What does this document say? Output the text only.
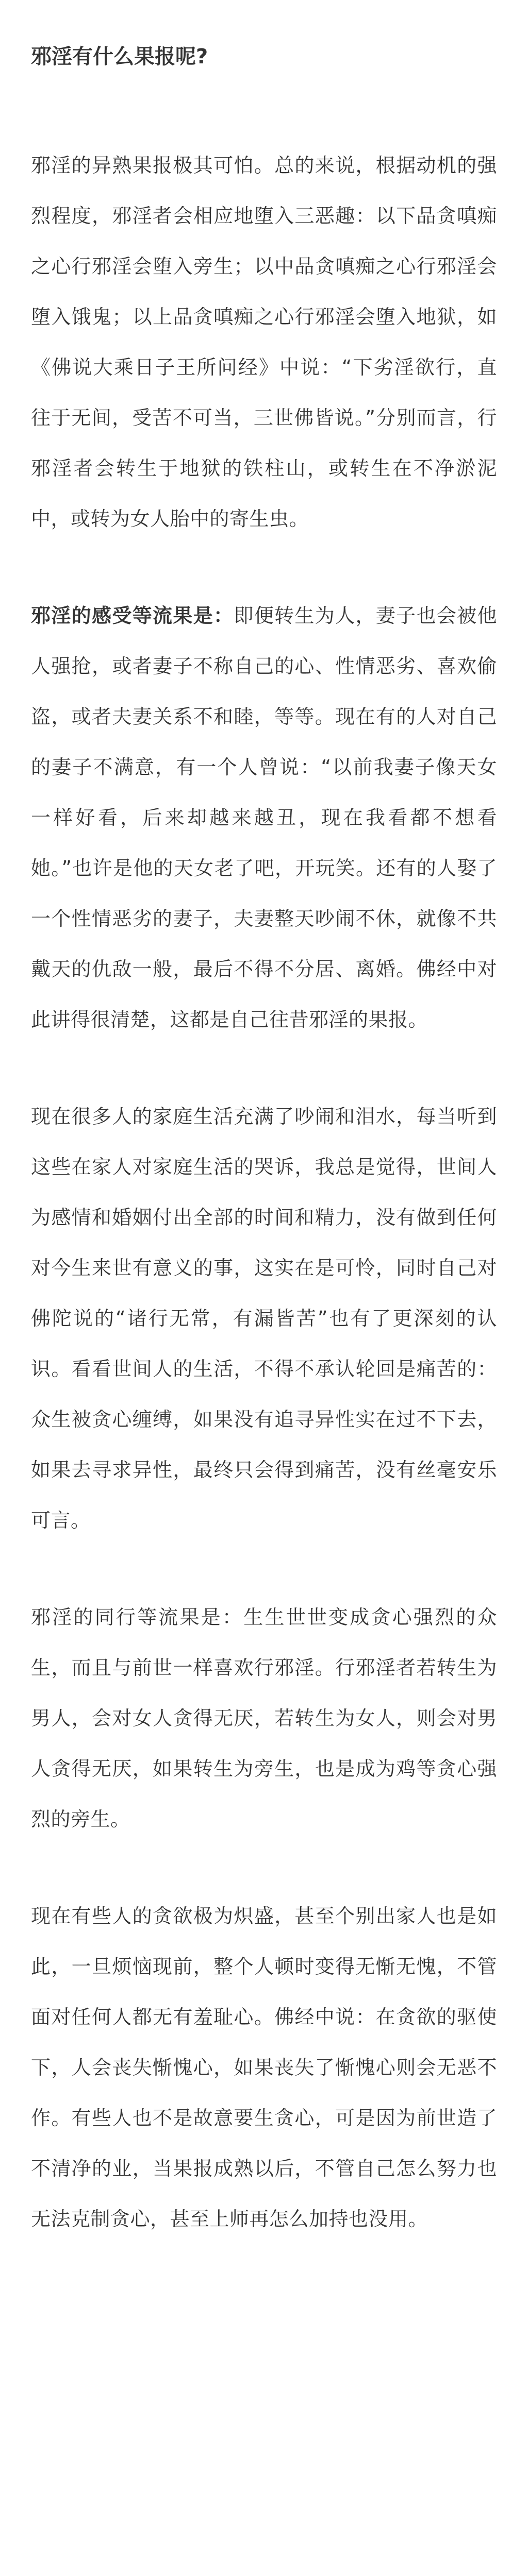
邪淫有什么果报呢?

邪淫的异熟果报极其可怕。总的来说，根据动机的强烈程度，邪淫者会相应地堕入三恶趣：以下品贪嗔痴之心行邪淫会堕入旁生；以中品贪嗔痴之心行邪淫会堕入饿鬼；以上品贪嗔痴之心行邪淫会堕入地狱，如《佛说大乘日子王所问经》中说：“下劣淫欲行，直往于无间，受苦不可当，三世佛皆说。”分别而言，行邪淫者会转生于地狱的铁柱山，或转生在不净淤泥中，或转为女人胎中的寄生虫。

邪淫的感受等流果是：即便转生为人，妻子也会被他人强抢，或者妻子不称自己的心、性情恶劣、喜欢偷盗，或者夫妻关系不和睦，等等。现在有的人对自己的妻子不满意，有一个人曾说：“以前我妻子像天女一样好看，后来却越来越丑，现在我看都不想看她。”也许是他的天女老了吧，开玩笑。还有的人娶了一个性情恶劣的妻子，夫妻整天吵闹不休，就像不共戴天的仇敌一般，最后不得不分居、离婚。佛经中对此讲得很清楚，这都是自己往昔邪淫的果报。

现在很多人的家庭生活充满了吵闹和泪水，每当听到这些在家人对家庭生活的哭诉，我总是觉得，世间人为感情和婚姻付出全部的时间和精力，没有做到任何对今生来世有意义的事，这实在是可怜，同时自己对佛陀说的“诸行无常，有漏皆苦”也有了更深刻的认识。看看世间人的生活，不得不承认轮回是痛苦的：众生被贪心缠缚，如果没有追寻异性实在过不下去，如果去寻求异性，最终只会得到痛苦，没有丝毫安乐可言。

邪淫的同行等流果是：生生世世变成贪心强烈的众生，而且与前世一样喜欢行邪淫。行邪淫者若转生为男人，会对女人贪得无厌，若转生为女人，则会对男人贪得无厌，如果转生为旁生，也是成为鸡等贪心强烈的旁生。

现在有些人的贪欲极为炽盛，甚至个别出家人也是如此，一旦烦恼现前，整个人顿时变得无惭无愧，不管面对任何人都无有羞耻心。佛经中说：在贪欲的驱使下，人会丧失惭愧心，如果丧失了惭愧心则会无恶不作。有些人也不是故意要生贪心，可是因为前世造了不清净的业，当果报成熟以后，不管自己怎么努力也无法克制贪心，甚至上师再怎么加持也没用。
